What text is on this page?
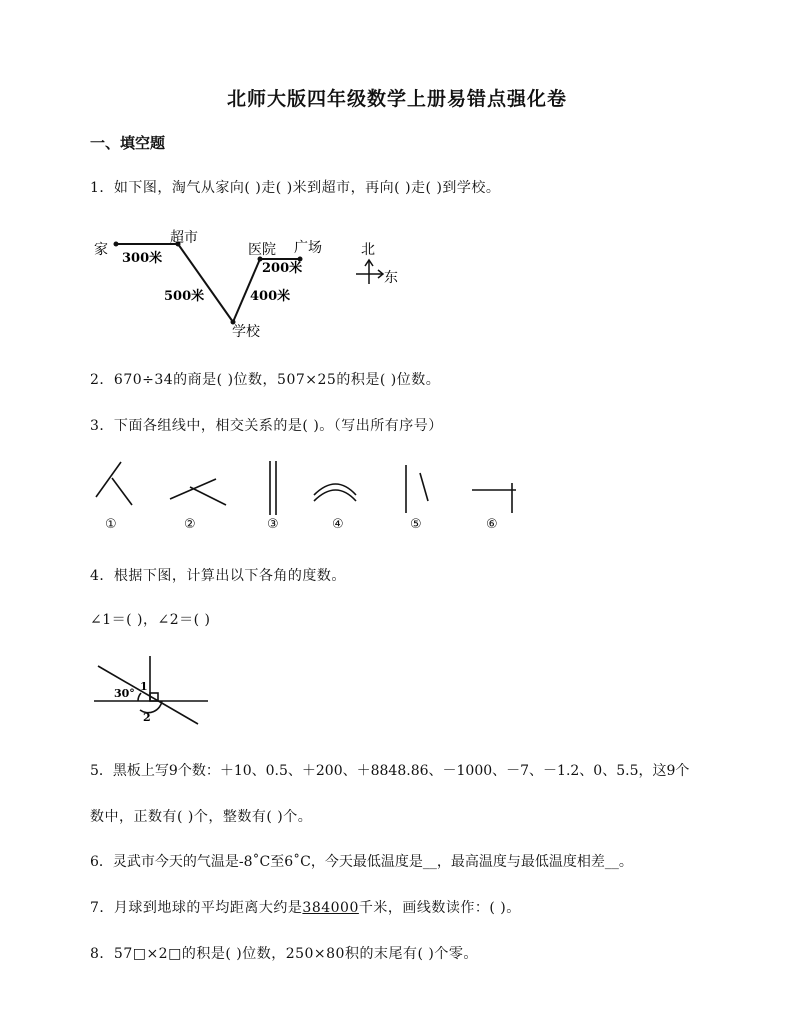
北师大版四年级数学上册易错点强化卷
一、填空题
1．如下图，淘气从家向( )走( )米到超市，再向( )走( )到学校。
家
超市
医院 广场
学校
300米
500米	400米
200米
北
东
2．670÷34的商是( )位数，507×25的积是( )位数。
3．下面各组线中，相交关系的是( )。（写出所有序号）
①	②	③	④	⑤	⑥
4．根据下图，计算出以下各角的度数。
∠1＝( )，∠2＝( )
30°
1
2
5．黑板上写9个数：＋10、0.5、＋200、＋8848.86、－1000、－7、－1.2、0、5.5，这9个
数中，正数有( )个，整数有( )个。
6．灵武市今天的气温是-8˚C至6˚C，今天最低温度是__，最高温度与最低温度相差__。
7．月球到地球的平均距离大约是384000千米，画线数读作：( )。
8．57□×2□的积是( )位数，250×80积的末尾有( )个零。
